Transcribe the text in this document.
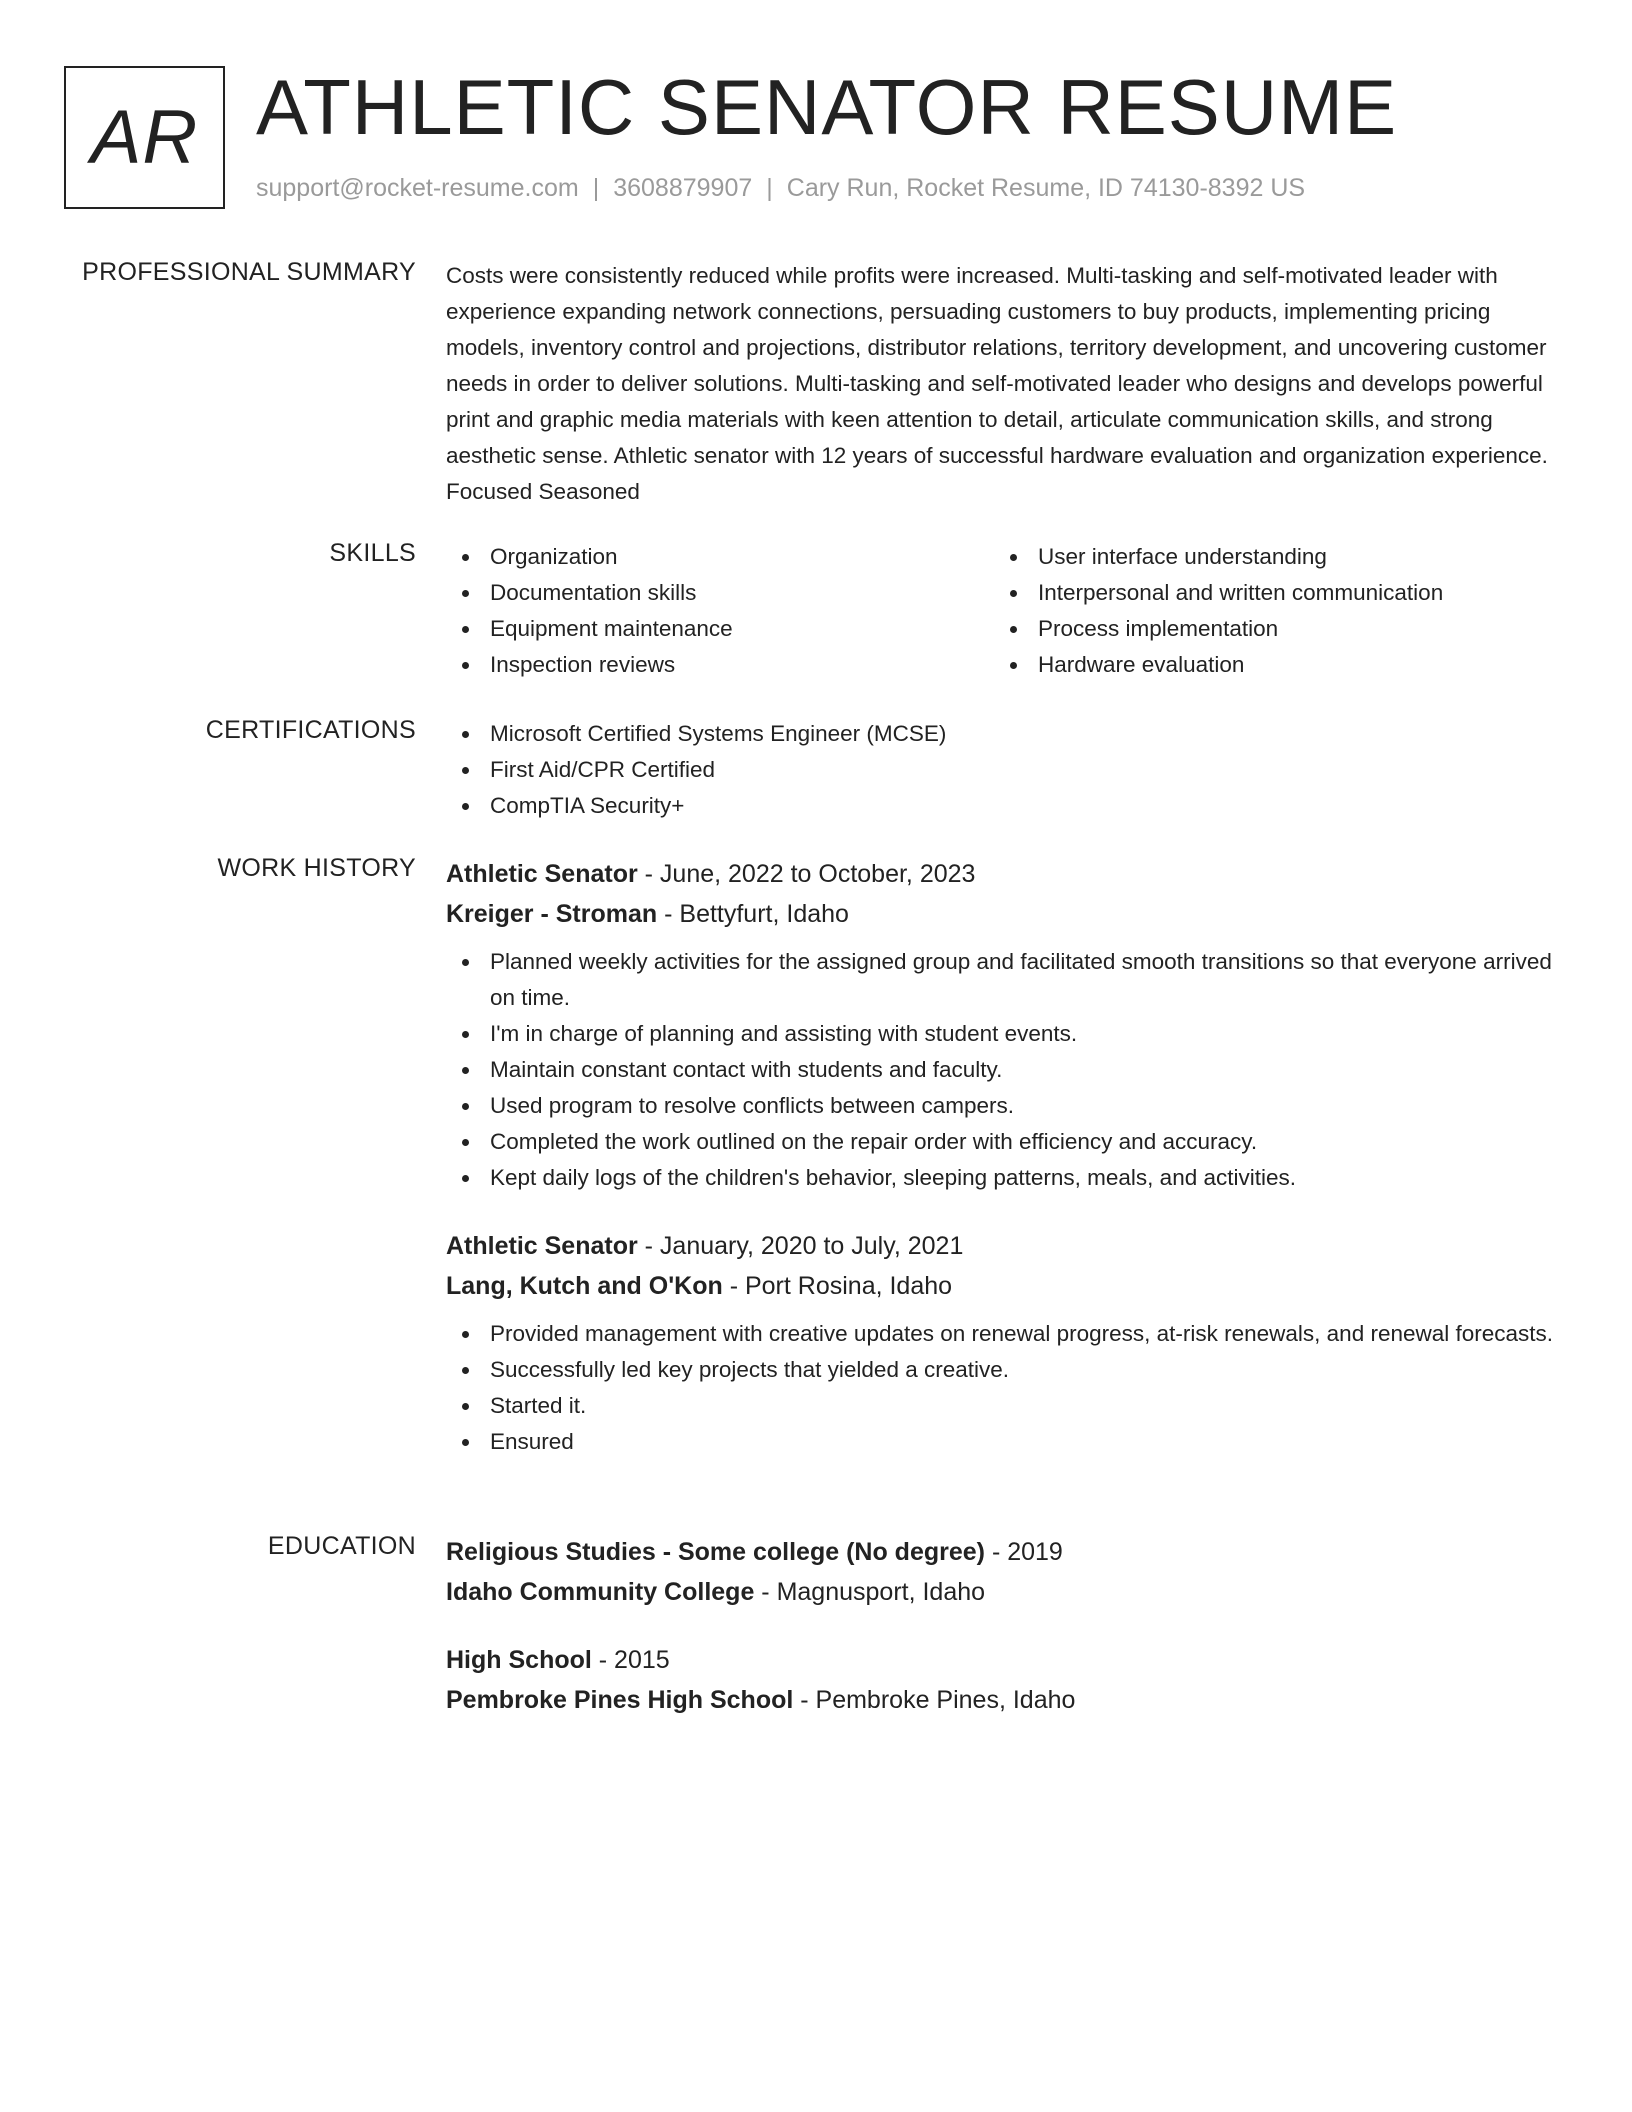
AR ATHLETIC SENATOR RESUME
support@rocket-resume.com | 3608879907 | Cary Run, Rocket Resume, ID 74130-8392 US
PROFESSIONAL SUMMARY Costs were consistently reduced while profits were increased. Multi-tasking and self-motivated leader with experience expanding network connections, persuading customers to buy products, implementing pricing models, inventory control and projections, distributor relations, territory development, and uncovering customer needs in order to deliver solutions. Multi-tasking and self-motivated leader who designs and develops powerful print and graphic media materials with keen attention to detail, articulate communication skills, and strong aesthetic sense. Athletic senator with 12 years of successful hardware evaluation and organization experience. Focused Seasoned

SKILLS	Organization
Documentation skills
Equipment maintenance
Inspection reviews
User interface understanding
Interpersonal and written communication
Process implementation
Hardware evaluation
CERTIFICATIONS	Microsoft Certified Systems Engineer (MCSE)
First Aid/CPR Certified
CompTIA Security+
WORK HISTORY Athletic Senator - June, 2022 to October, 2023
Kreiger - Stroman - Bettyfurt, Idaho
Planned weekly activities for the assigned group and facilitated smooth transitions so that everyone arrived on time.
I'm in charge of planning and assisting with student events.
Maintain constant contact with students and faculty.
Used program to resolve conflicts between campers.
Completed the work outlined on the repair order with efficiency and accuracy.
Kept daily logs of the children's behavior, sleeping patterns, meals, and activities.
Athletic Senator - January, 2020 to July, 2021
Lang, Kutch and O'Kon - Port Rosina, Idaho
Provided management with creative updates on renewal progress, at-risk renewals, and renewal forecasts.
Successfully led key projects that yielded a creative.
Started it.
Ensured
EDUCATION Religious Studies - Some college (No degree) - 2019
Idaho Community College - Magnusport, Idaho
High School - 2015
Pembroke Pines High School - Pembroke Pines, Idaho
